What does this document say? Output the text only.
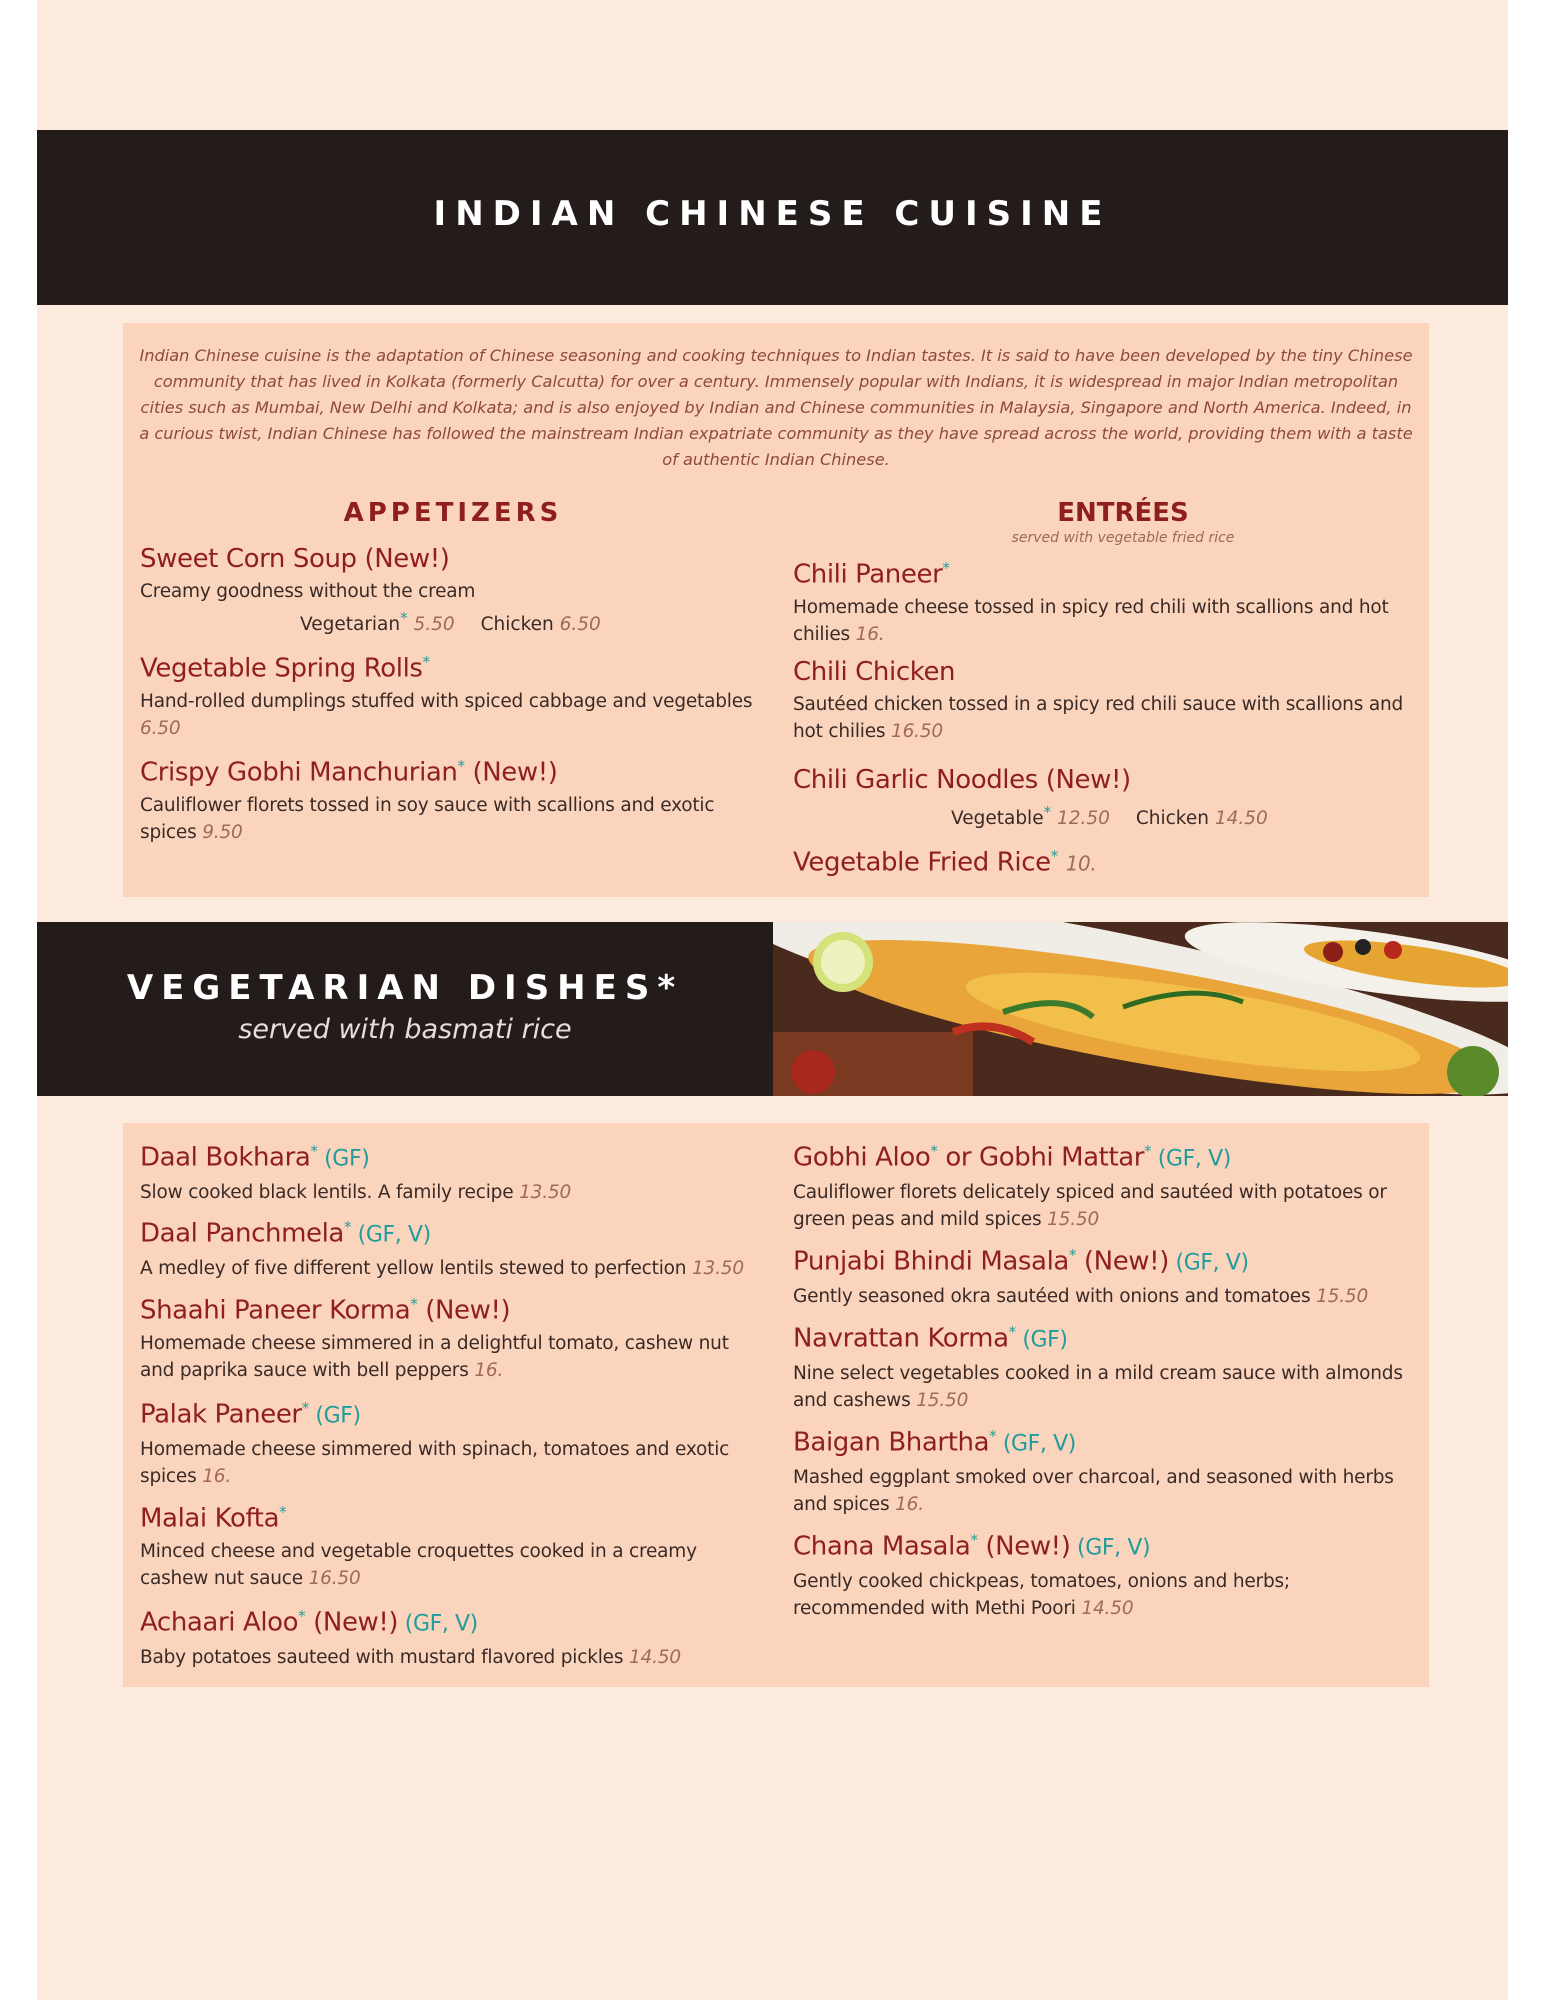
INDIAN CHINESE CUISINE
Indian Chinese cuisine is the adaptation of Chinese seasoning and cooking techniques to Indian tastes. It is said to have been developed by the tiny Chinese community that has lived in Kolkata (formerly Calcutta) for over a century. Immensely popular with Indians, it is widespread in major Indian metropolitan cities such as Mumbai, New Delhi and Kolkata; and is also enjoyed by Indian and Chinese communities in Malaysia, Singapore and North America. Indeed, in a curious twist, Indian Chinese has followed the mainstream Indian expatriate community as they have spread across the world, providing them with a taste of authentic Indian Chinese.
APPETIZERS	ENTRÉES
served with vegetable fried rice
Sweet Corn Soup (New!)
Creamy goodness without the cream
Vegetarian* 5.50 Chicken 6.50
Vegetable Spring Rolls*
Hand-rolled dumplings stuffed with spiced cabbage and vegetables 6.50
Crispy Gobhi Manchurian* (New!)
Cauliflower florets tossed in soy sauce with scallions and exotic spices 9.50
Chili Paneer*
Homemade cheese tossed in spicy red chili with scallions and hot chilies 16.
Chili Chicken
Sautéed chicken tossed in a spicy red chili sauce with scallions and hot chilies 16.50
Chili Garlic Noodles (New!)
Vegetable* 12.50 Chicken 14.50
Vegetable Fried Rice* 10.
VEGETARIAN DISHES*
served with basmati rice
Daal Bokhara* (GF)
Slow cooked black lentils. A family recipe 13.50
Daal Panchmela* (GF, V)
A medley of five different yellow lentils stewed to perfection 13.50
Shaahi Paneer Korma* (New!)
Homemade cheese simmered in a delightful tomato, cashew nut and paprika sauce with bell peppers 16.
Palak Paneer* (GF)
Homemade cheese simmered with spinach, tomatoes and exotic spices 16.
Malai Kofta*
Minced cheese and vegetable croquettes cooked in a creamy cashew nut sauce 16.50
Achaari Aloo* (New!) (GF, V)
Baby potatoes sauteed with mustard flavored pickles 14.50
Gobhi Aloo* or Gobhi Mattar* (GF, V)
Cauliflower florets delicately spiced and sautéed with potatoes or green peas and mild spices 15.50
Punjabi Bhindi Masala* (New!) (GF, V)
Gently seasoned okra sautéed with onions and tomatoes 15.50
Navrattan Korma* (GF)
Nine select vegetables cooked in a mild cream sauce with almonds and cashews 15.50
Baigan Bhartha* (GF, V)
Mashed eggplant smoked over charcoal, and seasoned with herbs and spices 16.
Chana Masala* (New!) (GF, V)
Gently cooked chickpeas, tomatoes, onions and herbs; recommended with Methi Poori 14.50
